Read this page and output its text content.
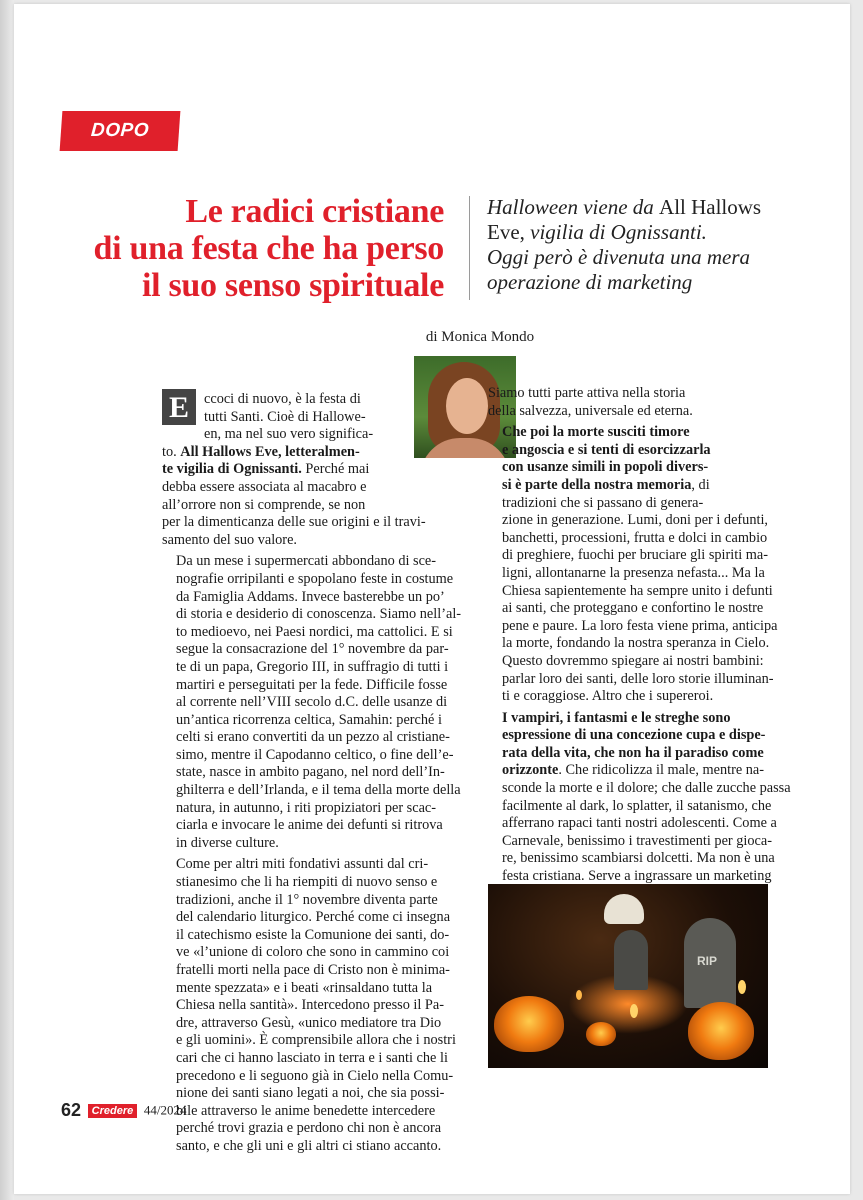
DOPO TUTTO
Le radici cristiane
di una festa che ha perso
il suo senso spirituale

Halloween viene da All Hallows
Eve, vigilia di Ognissanti.
Oggi però è divenuta una mera
operazione di marketing

di Monica Mondo
E	ccoci di nuovo, è la festa di
tutti Santi. Cioè di Hallowe-
en, ma nel suo vero significa-
to. All Hallows Eve, letteralmen-
te vigilia di Ognissanti. Perché mai
debba essere associata al macabro e
all’orrore non si comprende, se non
per la dimenticanza delle sue origini e il travi-
samento del suo valore.

Da un mese i supermercati abbondano di sce-
nografie orripilanti e spopolano feste in costume
da Famiglia Addams. Invece basterebbe un po’
di storia e desiderio di conoscenza. Siamo nell’al-
to medioevo, nei Paesi nordici, ma cattolici. E si
segue la consacrazione del 1° novembre da par-
te di un papa, Gregorio III, in suffragio di tutti i
martiri e perseguitati per la fede. Difficile fosse
al corrente nell’VIII secolo d.C. delle usanze di
un’antica ricorrenza celtica, Samahin: perché i
celti si erano convertiti da un pezzo al cristiane-
simo, mentre il Capodanno celtico, o fine dell’e-
state, nasce in ambito pagano, nel nord dell’In-
ghilterra e dell’Irlanda, e il tema della morte della
natura, in autunno, i riti propiziatori per scac-
ciarla e invocare le anime dei defunti si ritrova
in diverse culture.

Come per altri miti fondativi assunti dal cri-
stianesimo che li ha riempiti di nuovo senso e
tradizioni, anche il 1° novembre diventa parte
del calendario liturgico. Perché come ci insegna
il catechismo esiste la Comunione dei santi, do-
ve «l’unione di coloro che sono in cammino coi
fratelli morti nella pace di Cristo non è minima-
mente spezzata» e i beati «rinsaldano tutta la
Chiesa nella santità». Intercedono presso il Pa-
dre, attraverso Gesù, «unico mediatore tra Dio
e gli uomini». È comprensibile allora che i nostri
cari che ci hanno lasciato in terra e i santi che li
precedono e li seguono già in Cielo nella Comu-
nione dei santi siano legati a noi, che sia possi-
bile attraverso le anime benedette intercedere
perché trovi grazia e perdono chi non è ancora
santo, e che gli uni e gli altri ci stiano accanto.

Siamo tutti parte attiva nella storia
della salvezza, universale ed eterna.

Che poi la morte susciti timore
e angoscia e si tenti di esorcizzarla
con usanze simili in popoli divers-
si è parte della nostra memoria, di
tradizioni che si passano di genera-
zione in generazione. Lumi, doni per i defunti,
banchetti, processioni, frutta e dolci in cambio
di preghiere, fuochi per bruciare gli spiriti ma-
ligni, allontanarne la presenza nefasta... Ma la
Chiesa sapientemente ha sempre unito i defunti
ai santi, che proteggano e confortino le nostre
pene e paure. La loro festa viene prima, anticipa
la morte, fondando la nostra speranza in Cielo.
Questo dovremmo spiegare ai nostri bambini:
parlar loro dei santi, delle loro storie illuminan-
ti e coraggiose. Altro che i supereroi.

I vampiri, i fantasmi e le streghe sono
espressione di una concezione cupa e dispe-
rata della vita, che non ha il paradiso come
orizzonte. Che ridicolizza il male, mentre na-
sconde la morte e il dolore; che dalle zucche passa
facilmente al dark, lo splatter, il satanismo, che
afferrano rapaci tanti nostri adolescenti. Come a
Carnevale, benissimo i travestimenti per gioca-
re, benissimo scambiarsi dolcetti. Ma non è una
festa cristiana. Serve a ingrassare un marketing

RIP
62 Credere 44/2024
